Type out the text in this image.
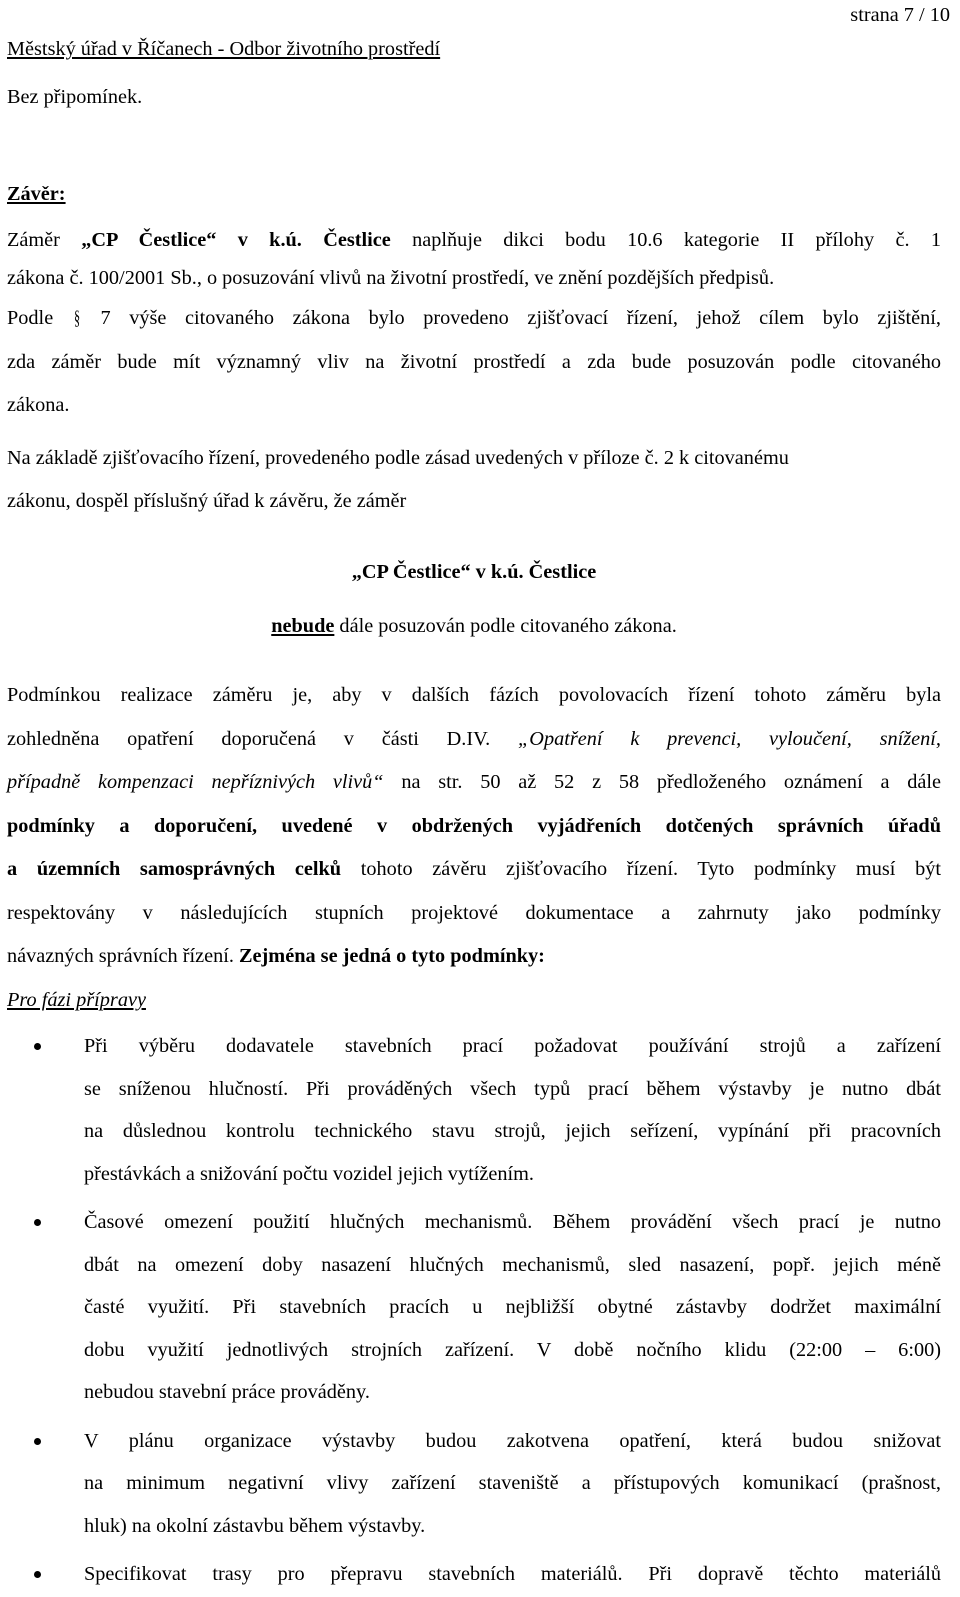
strana 7 / 10

Městský úřad v Říčanech - Odbor životního prostředí

Bez připomínek.

Závěr:

Záměr „CP Čestlice“ v k.ú. Čestlice naplňuje dikci bodu 10.6 kategorie II přílohy č. 1

zákona č. 100/2001 Sb., o posuzování vlivů na životní prostředí, ve znění pozdějších předpisů.

Podle § 7 výše citovaného zákona bylo provedeno zjišťovací řízení, jehož cílem bylo zjištění,

zda záměr bude mít významný vliv na životní prostředí a zda bude posuzován podle citovaného

zákona.

Na základě zjišťovacího řízení, provedeného podle zásad uvedených v příloze č. 2 k citovanému

zákonu, dospěl příslušný úřad k závěru, že záměr

„CP Čestlice“ v k.ú. Čestlice

nebude dále posuzován podle citovaného zákona.

Podmínkou realizace záměru je, aby v dalších fázích povolovacích řízení tohoto záměru byla

zohledněna opatření doporučená v části D.IV. „Opatření k prevenci, vyloučení, snížení,

případně kompenzaci nepříznivých vlivů“ na str. 50 až 52 z 58 předloženého oznámení a dále

podmínky a doporučení, uvedené v obdržených vyjádřeních dotčených správních úřadů

a územních samosprávných celků tohoto závěru zjišťovacího řízení. Tyto podmínky musí být

respektovány v následujících stupních projektové dokumentace a zahrnuty jako podmínky

návazných správních řízení. Zejména se jedná o tyto podmínky:

Pro fázi přípravy

Při výběru dodavatele stavebních prací požadovat používání strojů a zařízení

se sníženou hlučností. Při prováděných všech typů prací během výstavby je nutno dbát

na důslednou kontrolu technického stavu strojů, jejich seřízení, vypínání při pracovních

přestávkách a snižování počtu vozidel jejich vytížením.

Časové omezení použití hlučných mechanismů. Během provádění všech prací je nutno

dbát na omezení doby nasazení hlučných mechanismů, sled nasazení, popř. jejich méně

časté využití. Při stavebních pracích u nejbližší obytné zástavby dodržet maximální

dobu využití jednotlivých strojních zařízení. V době nočního klidu (22:00 – 6:00)

nebudou stavební práce prováděny.

V plánu organizace výstavby budou zakotvena opatření, která budou snižovat

na minimum negativní vlivy zařízení staveniště a přístupových komunikací (prašnost,

hluk) na okolní zástavbu během výstavby.

Specifikovat trasy pro přepravu stavebních materiálů. Při dopravě těchto materiálů
